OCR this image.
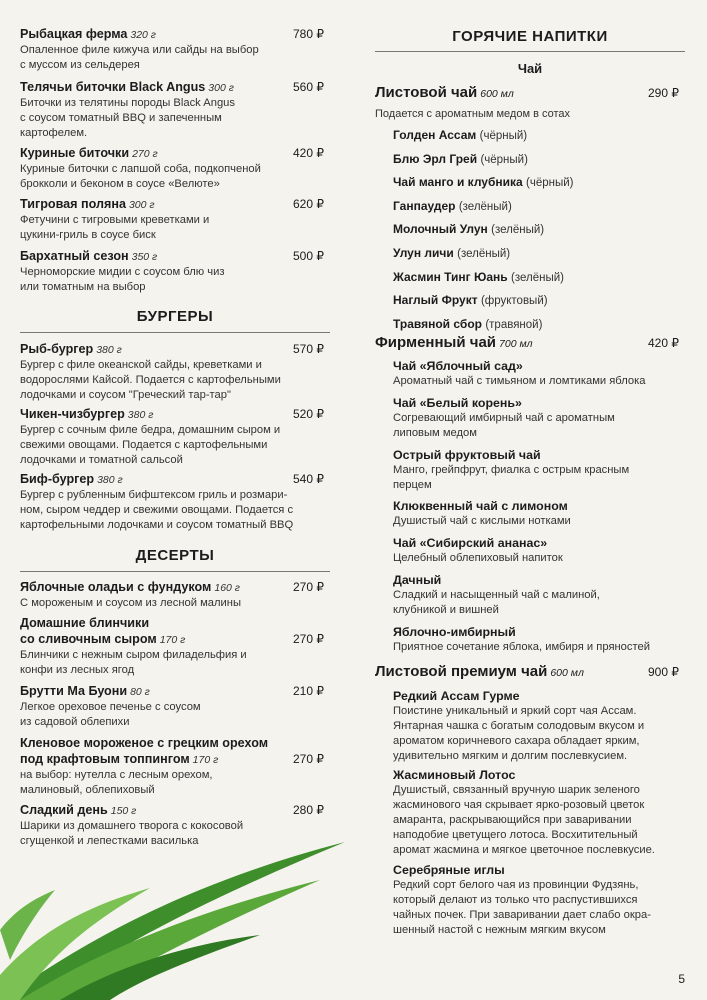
Рыбацкая ферма 320 г	780 ₽
Опаленное филе кижуча или сайды на выбор
с муссом из сельдерея
Телячьи биточки Black Angus 300 г	560 ₽
Биточки из телятины породы Black Angus
с соусом томатный BBQ и запеченным
картофелем.
Куриные биточки 270 г	420 ₽
Куриные биточки с лапшой соба, подкопченой
брокколи и беконом в соусе «Велюте»
Тигровая поляна 300 г	620 ₽
Фетучини с тигровыми креветками и
цукини-гриль в соусе биск
Бархатный сезон 350 г	500 ₽
Черноморские мидии с соусом блю чиз
или томатным на выбор
БУРГЕРЫ
Рыб-бургер 380 г	570 ₽
Бургер с филе океанской сайды, креветками и
водорослями Кайсой. Подается с картофельными
лодочками и соусом "Греческий тар-тар"
Чикен-чизбургер 380 г	520 ₽
Бургер с сочным филе бедра, домашним сыром и
свежими овощами. Подается с картофельными
лодочками и томатной сальсой
Биф-бургер 380 г	540 ₽
Бургер с рубленным бифштексом гриль и розмари-
ном, сыром чеддер и свежими овощами. Подается с
картофельными лодочками и соусом томатный BBQ
ДЕСЕРТЫ
Яблочные оладьи с фундуком 160 г	270 ₽
С мороженым и соусом из лесной малины
Домашние блинчики
со сливочным сыром 170 г	270 ₽
Блинчики с нежным сыром филадельфия и
конфи из лесных ягод
Брутти Ма Буони 80 г	210 ₽
Легкое ореховое печенье с соусом
из садовой облепихи
Кленовое мороженое с грецким орехом
под крафтовым топпингом 170 г	270 ₽
на выбор: нутелла с лесным орехом,
малиновый, облепиховый
Сладкий день 150 г	280 ₽
Шарики из домашнего творога с кокосовой
сгущенкой и лепестками василька
ГОРЯЧИЕ НАПИТКИ
Чай
Листовой чай 600 мл	290 ₽
Подается с ароматным медом в сотах
Голден Ассам (чёрный)
Блю Эрл Грей (чёрный)
Чай манго и клубника (чёрный)
Ганпаудер (зелёный)
Молочный Улун (зелёный)
Улун личи (зелёный)
Жасмин Тинг Юань (зелёный)
Наглый Фрукт (фруктовый)
Травяной сбор (травяной)
Фирменный чай 700 мл	420 ₽
Чай «Яблочный сад»
Ароматный чай с тимьяном и ломтиками яблока
Чай «Белый корень»
Согревающий имбирный чай с ароматным
липовым медом
Острый фруктовый чай
Манго, грейпфрут, фиалка с острым красным
перцем
Клюквенный чай с лимоном
Душистый чай с кислыми нотками
Чай «Сибирский ананас»
Целебный облепиховый напиток
Дачный
Сладкий и насыщенный чай с малиной,
клубникой и вишней
Яблочно-имбирный
Приятное сочетание яблока, имбиря и пряностей
Листовой премиум чай 600 мл	900 ₽
Редкий Ассам Гурме
Поистине уникальный и яркий сорт чая Ассам.
Янтарная чашка с богатым солодовым вкусом и
ароматом коричневого сахара обладает ярким,
удивительно мягким и долгим послевкусием.
Жасминовый Лотос
Душистый, связанный вручную шарик зеленого
жасминового чая скрывает ярко-розовый цветок
амаранта, раскрывающийся при заваривании
наподобие цветущего лотоса. Восхитительный
аромат жасмина и мягкое цветочное послевкусие.
Серебряные иглы
Редкий сорт белого чая из провинции Фудзянь,
который делают из только что распустившихся
чайных почек. При заваривании дает слабо окра-
шенный настой с нежным мягким вкусом
5
